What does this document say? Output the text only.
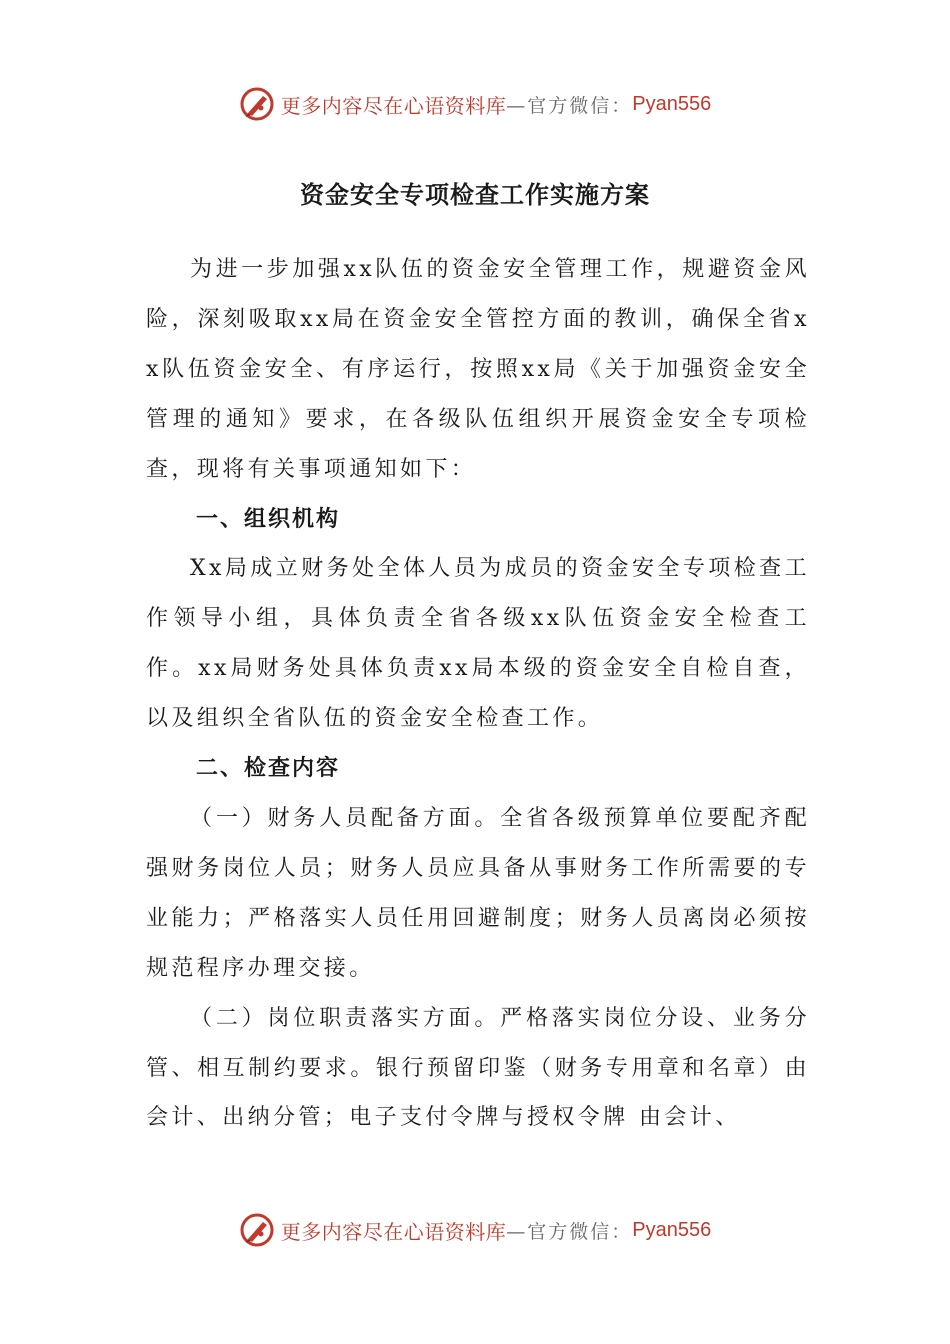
更多内容尽在心语资料库 —官方微信： Pyan556
资金安全专项检查工作实施方案

为进一步加强xx队伍的资金安全管理工作，规避资金风险，深刻吸取xx局在资金安全管控方面的教训，确保全省xx队伍资金安全、有序运行，按照xx局《关于加强资金安全管理的通知》要求，在各级队伍组织开展资金安全专项检查，现将有关事项通知如下：

一、组织机构

Xx局成立财务处全体人员为成员的资金安全专项检查工作领导小组，具体负责全省各级xx队伍资金安全检查工作。xx局财务处具体负责xx局本级的资金安全自检自查，以及组织全省队伍的资金安全检查工作。

二、检查内容

（一）财务人员配备方面。全省各级预算单位要配齐配强财务岗位人员；财务人员应具备从事财务工作所需要的专业能力；严格落实人员任用回避制度；财务人员离岗必须按规范程序办理交接。

（二）岗位职责落实方面。严格落实岗位分设、业务分管、相互制约要求。银行预留印鉴（财务专用章和名章）由会计、出纳分管；电子支付令牌与授权令牌 由会计、

更多内容尽在心语资料库 —官方微信： Pyan556
